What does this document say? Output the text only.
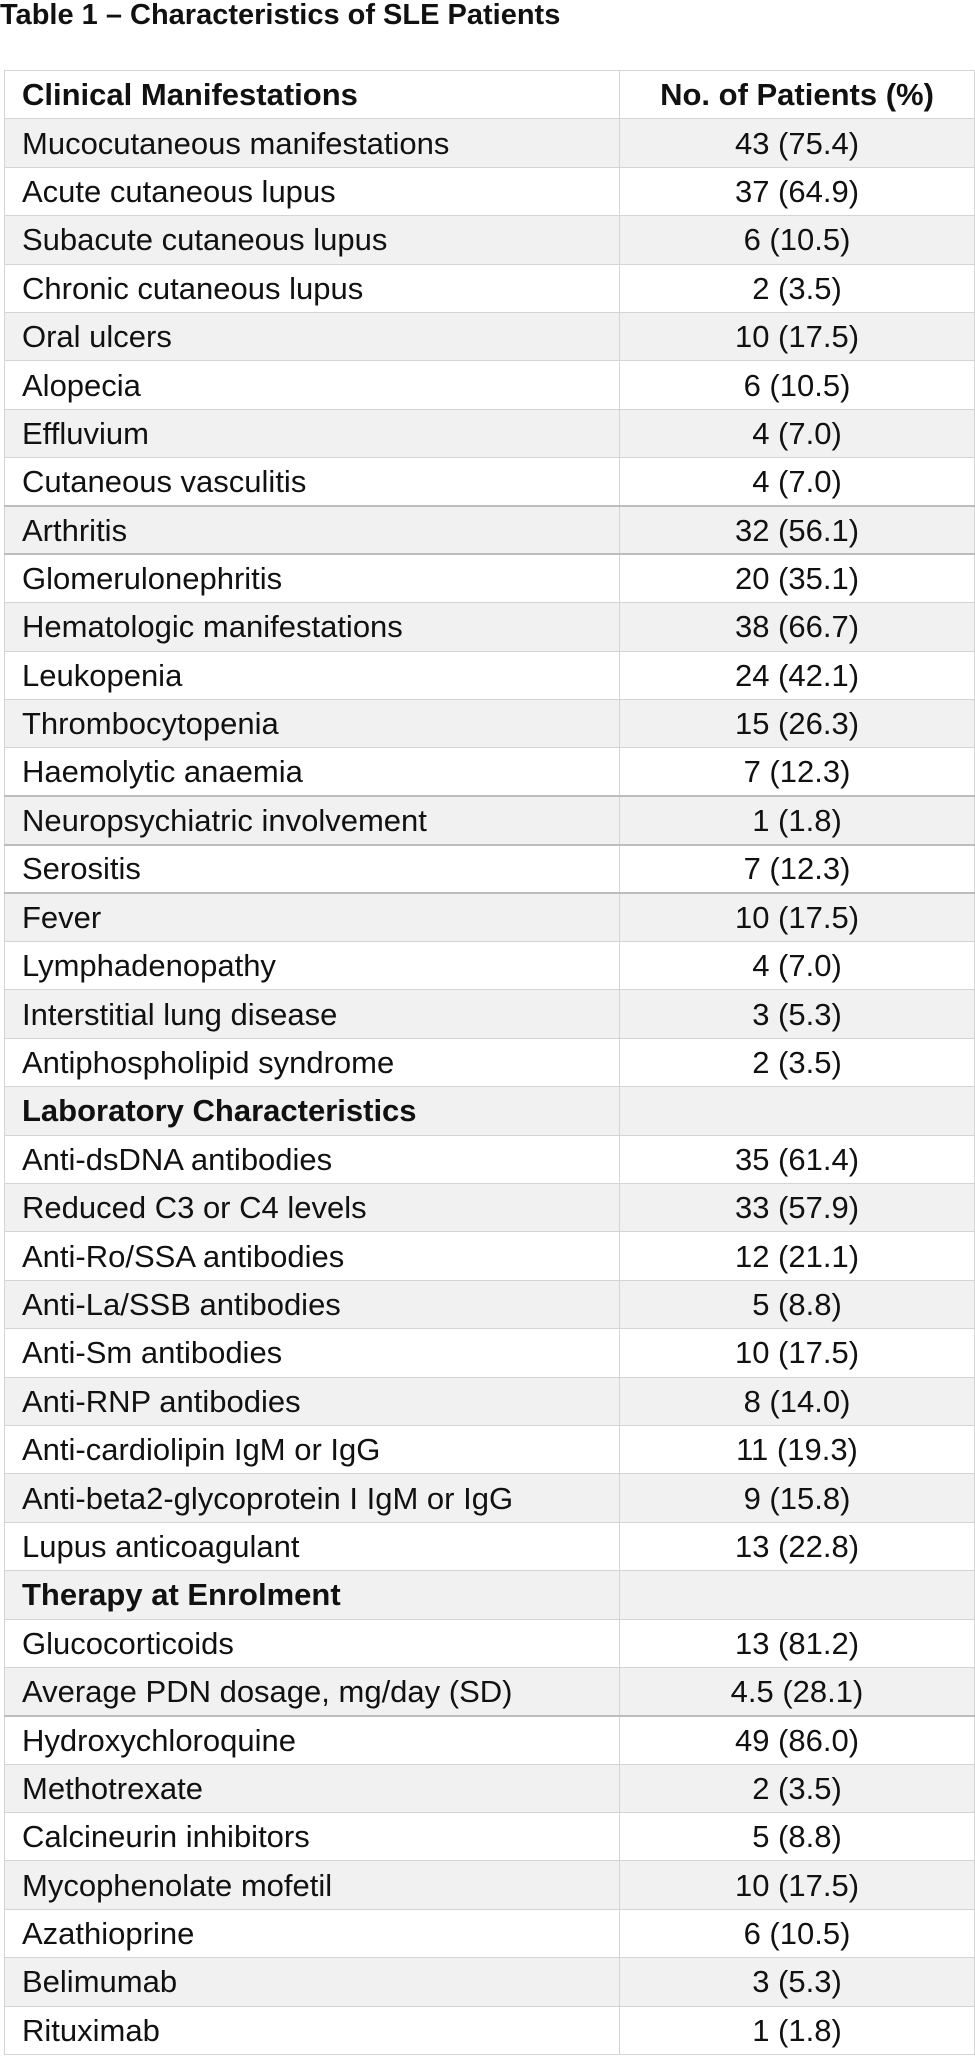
Table 1 – Characteristics of SLE Patients
Clinical Manifestations	No. of Patients (%)
Mucocutaneous manifestations	43 (75.4)
Acute cutaneous lupus	37 (64.9)
Subacute cutaneous lupus	6 (10.5)
Chronic cutaneous lupus	2 (3.5)
Oral ulcers	10 (17.5)
Alopecia	6 (10.5)
Effluvium	4 (7.0)
Cutaneous vasculitis	4 (7.0)
Arthritis	32 (56.1)
Glomerulonephritis	20 (35.1)
Hematologic manifestations	38 (66.7)
Leukopenia	24 (42.1)
Thrombocytopenia	15 (26.3)
Haemolytic anaemia	7 (12.3)
Neuropsychiatric involvement	1 (1.8)
Serositis	7 (12.3)
Fever	10 (17.5)
Lymphadenopathy	4 (7.0)
Interstitial lung disease	3 (5.3)
Antiphospholipid syndrome	2 (3.5)
Laboratory Characteristics	
Anti-dsDNA antibodies	35 (61.4)
Reduced C3 or C4 levels	33 (57.9)
Anti-Ro/SSA antibodies	12 (21.1)
Anti-La/SSB antibodies	5 (8.8)
Anti-Sm antibodies	10 (17.5)
Anti-RNP antibodies	8 (14.0)
Anti-cardiolipin IgM or IgG	11 (19.3)
Anti-beta2-glycoprotein I IgM or IgG	9 (15.8)
Lupus anticoagulant	13 (22.8)
Therapy at Enrolment	
Glucocorticoids	13 (81.2)
Average PDN dosage, mg/day (SD)	4.5 (28.1)
Hydroxychloroquine	49 (86.0)
Methotrexate	2 (3.5)
Calcineurin inhibitors	5 (8.8)
Mycophenolate mofetil	10 (17.5)
Azathioprine	6 (10.5)
Belimumab	3 (5.3)
Rituximab	1 (1.8)
